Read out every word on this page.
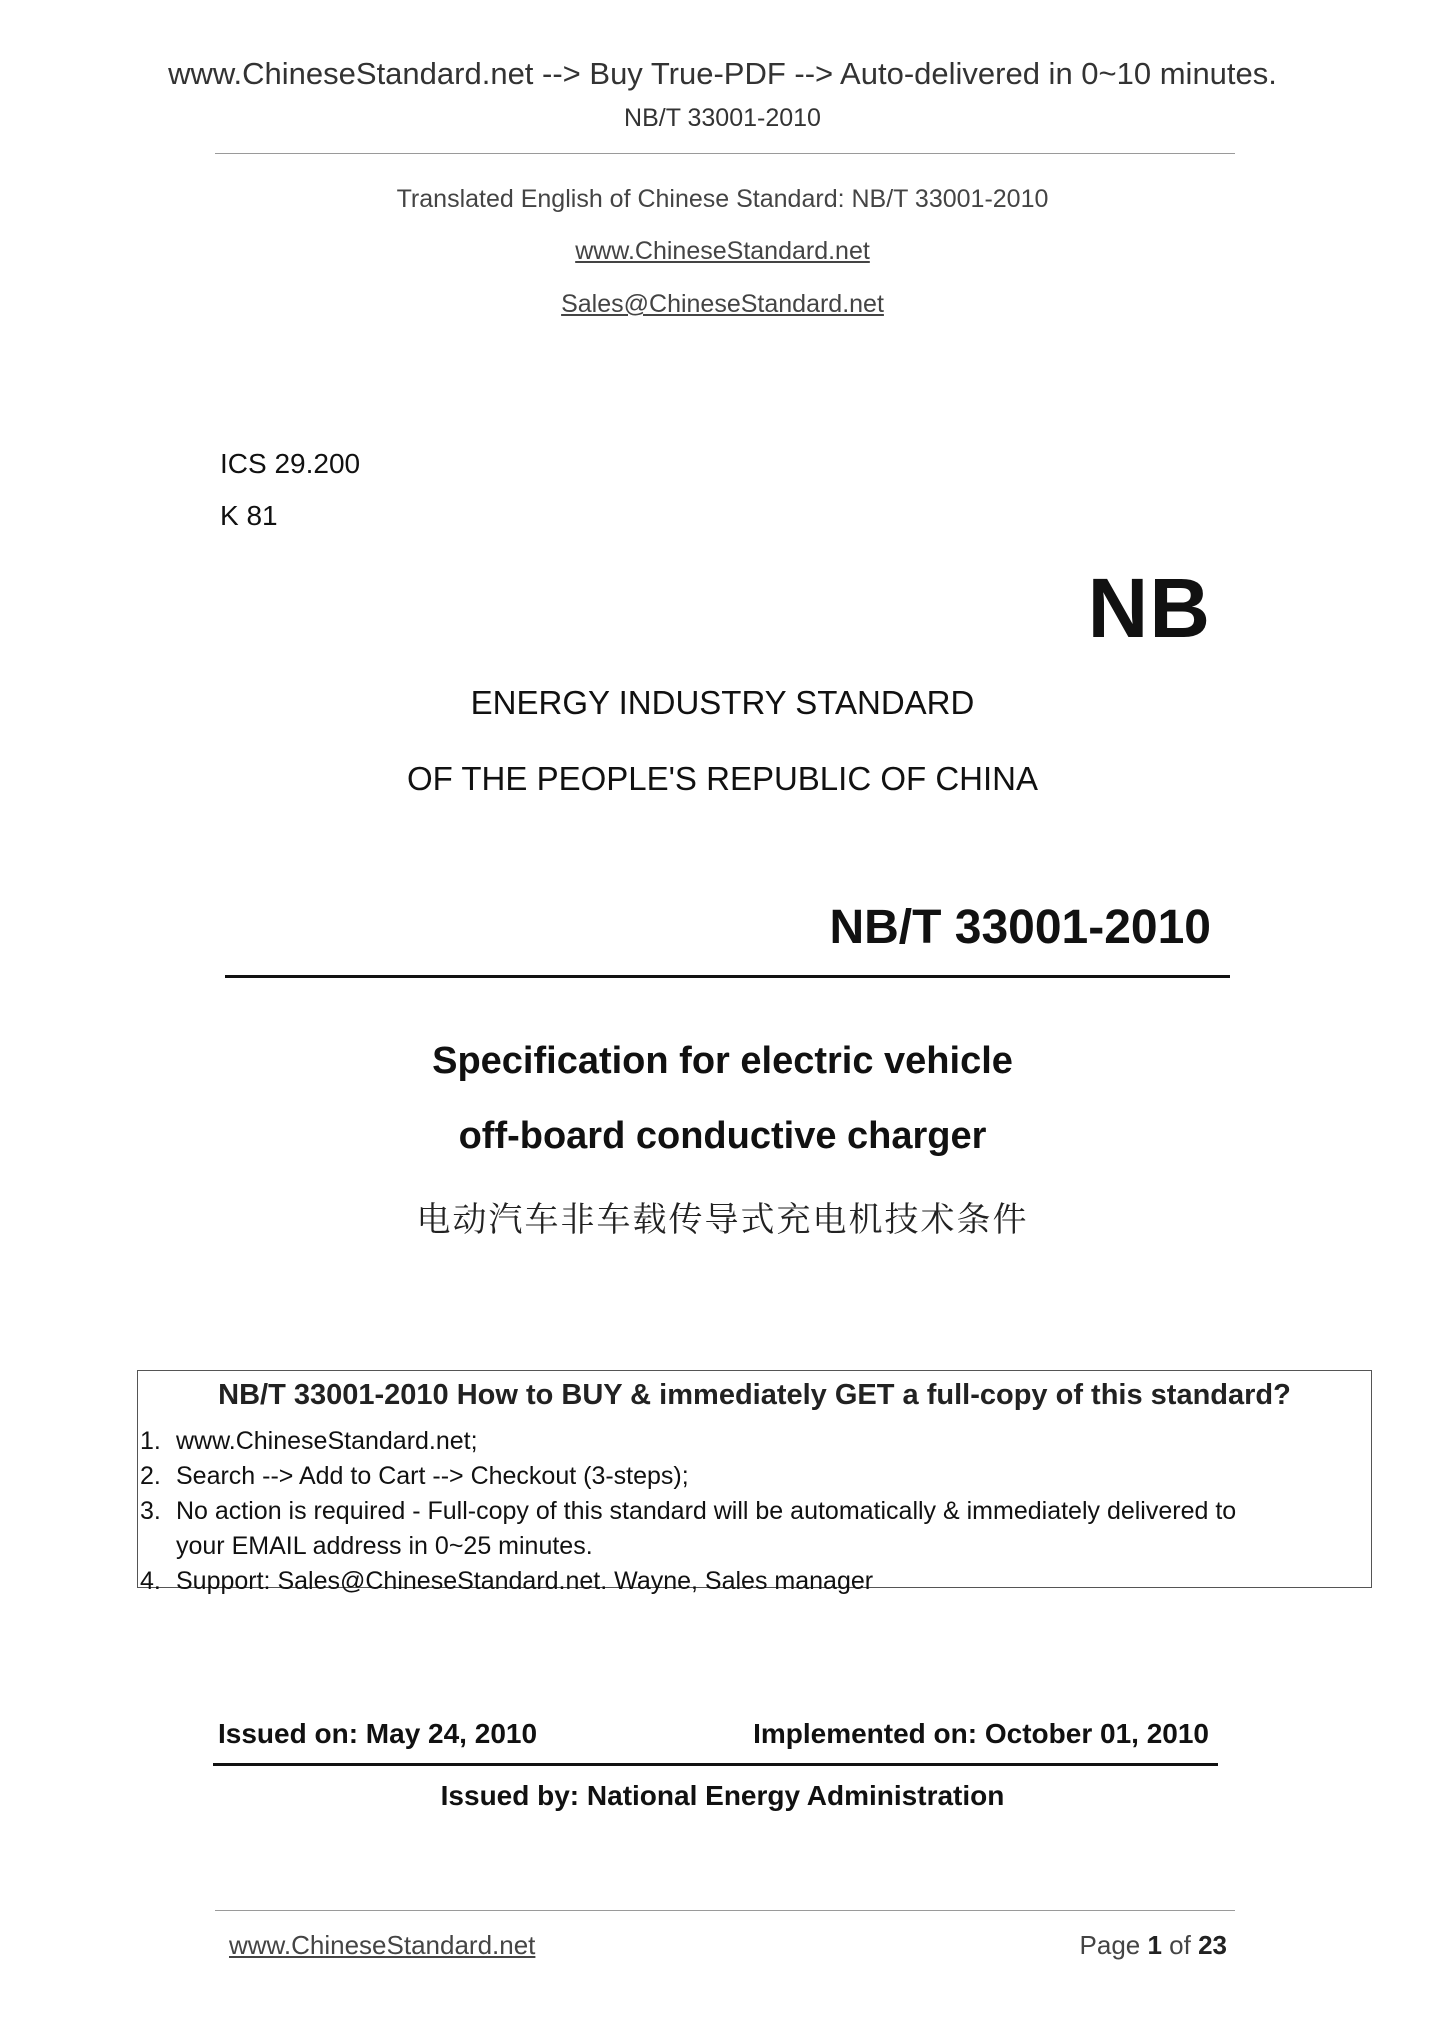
www.ChineseStandard.net --> Buy True-PDF --> Auto-delivered in 0~10 minutes.
NB/T 33001-2010
Translated English of Chinese Standard: NB/T 33001-2010
www.ChineseStandard.net
Sales@ChineseStandard.net
ICS 29.200
K 81
NB
ENERGY INDUSTRY STANDARD
OF THE PEOPLE'S REPUBLIC OF CHINA
NB/T 33001-2010
Specification for electric vehicle
off-board conductive charger
电动汽车非车载传导式充电机技术条件
NB/T 33001-2010 How to BUY & immediately GET a full-copy of this standard?
1. www.ChineseStandard.net;
2. Search --> Add to Cart --> Checkout (3-steps);
3. No action is required - Full-copy of this standard will be automatically & immediately delivered to
your EMAIL address in 0~25 minutes.
4. Support: Sales@ChineseStandard.net. Wayne, Sales manager
Issued on: May 24, 2010	Implemented on: October 01, 2010
Issued by: National Energy Administration
www.ChineseStandard.net	Page 1 of 23
